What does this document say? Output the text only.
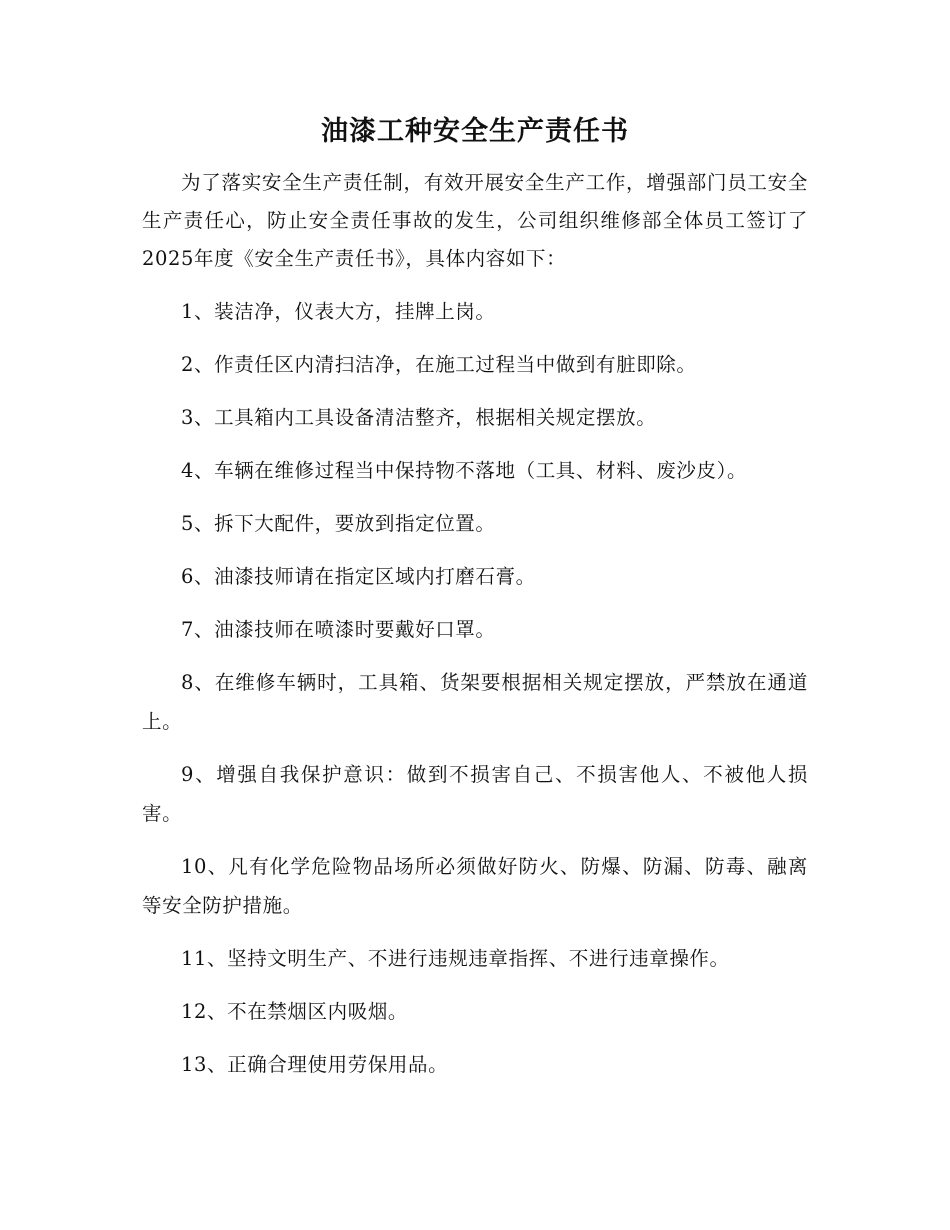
油漆工种安全生产责任书

为了落实安全生产责任制，有效开展安全生产工作，增强部门员工安全生产责任心，防止安全责任事故的发生，公司组织维修部全体员工签订了2025年度《安全生产责任书》，具体内容如下：

1、装洁净，仪表大方，挂牌上岗。

2、作责任区内清扫洁净，在施工过程当中做到有脏即除。

3、工具箱内工具设备清洁整齐，根据相关规定摆放。

4、车辆在维修过程当中保持物不落地（工具、材料、废沙皮）。

5、拆下大配件，要放到指定位置。

6、油漆技师请在指定区域内打磨石膏。

7、油漆技师在喷漆时要戴好口罩。

8、在维修车辆时，工具箱、货架要根据相关规定摆放，严禁放在通道上。

9、增强自我保护意识：做到不损害自己、不损害他人、不被他人损害。

10、凡有化学危险物品场所必须做好防火、防爆、防漏、防毒、融离等安全防护措施。

11、坚持文明生产、不进行违规违章指挥、不进行违章操作。

12、不在禁烟区内吸烟。

13、正确合理使用劳保用品。
